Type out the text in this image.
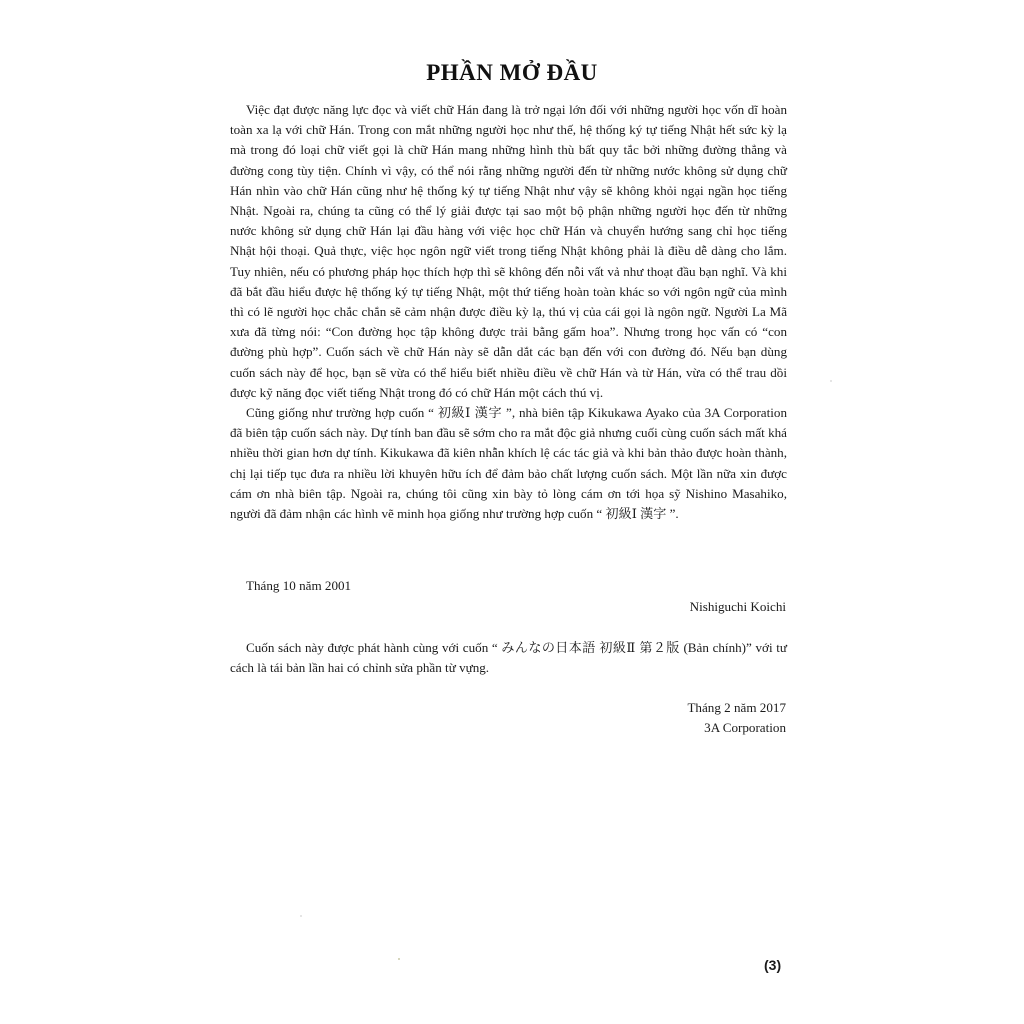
PHẦN MỞ ĐẦU

Việc đạt được năng lực đọc và viết chữ Hán đang là trở ngại lớn đối với những người học vốn dĩ hoàn toàn xa lạ với chữ Hán. Trong con mắt những người học như thế, hệ thống ký tự tiếng Nhật hết sức kỳ lạ mà trong đó loại chữ viết gọi là chữ Hán mang những hình thù bất quy tắc bởi những đường thẳng và đường cong tùy tiện. Chính vì vậy, có thể nói rằng những người đến từ những nước không sử dụng chữ Hán nhìn vào chữ Hán cũng như hệ thống ký tự tiếng Nhật như vậy sẽ không khỏi ngại ngần học tiếng Nhật. Ngoài ra, chúng ta cũng có thể lý giải được tại sao một bộ phận những người học đến từ những nước không sử dụng chữ Hán lại đầu hàng với việc học chữ Hán và chuyển hướng sang chỉ học tiếng Nhật hội thoại. Quả thực, việc học ngôn ngữ viết trong tiếng Nhật không phải là điều dễ dàng cho lắm. Tuy nhiên, nếu có phương pháp học thích hợp thì sẽ không đến nỗi vất vả như thoạt đầu bạn nghĩ. Và khi đã bắt đầu hiểu được hệ thống ký tự tiếng Nhật, một thứ tiếng hoàn toàn khác so với ngôn ngữ của mình thì có lẽ người học chắc chắn sẽ cảm nhận được điều kỳ lạ, thú vị của cái gọi là ngôn ngữ. Người La Mã xưa đã từng nói: “Con đường học tập không được trải bằng gấm hoa”. Nhưng trong học vấn có “con đường phù hợp”. Cuốn sách về chữ Hán này sẽ dẫn dắt các bạn đến với con đường đó. Nếu bạn dùng cuốn sách này để học, bạn sẽ vừa có thể hiểu biết nhiều điều về chữ Hán và từ Hán, vừa có thể trau dồi được kỹ năng đọc viết tiếng Nhật trong đó có chữ Hán một cách thú vị.

Cũng giống như trường hợp cuốn “ 初級Ⅰ 漢字 ”, nhà biên tập Kikukawa Ayako của 3A Corporation đã biên tập cuốn sách này. Dự tính ban đầu sẽ sớm cho ra mắt độc giả nhưng cuối cùng cuốn sách mất khá nhiều thời gian hơn dự tính. Kikukawa đã kiên nhẫn khích lệ các tác giả và khi bản thảo được hoàn thành, chị lại tiếp tục đưa ra nhiều lời khuyên hữu ích để đảm bảo chất lượng cuốn sách. Một lần nữa xin được cám ơn nhà biên tập. Ngoài ra, chúng tôi cũng xin bày tỏ lòng cám ơn tới họa sỹ Nishino Masahiko, người đã đảm nhận các hình vẽ minh họa giống như trường hợp cuốn “ 初級Ⅰ 漢字 ”.

Tháng 10 năm 2001
Nishiguchi Koichi

Cuốn sách này được phát hành cùng với cuốn “ みんなの日本語 初級Ⅱ 第２版 (Bản chính)” với tư cách là tái bản lần hai có chỉnh sửa phần từ vựng.

Tháng 2 năm 2017
3A Corporation
(3)
